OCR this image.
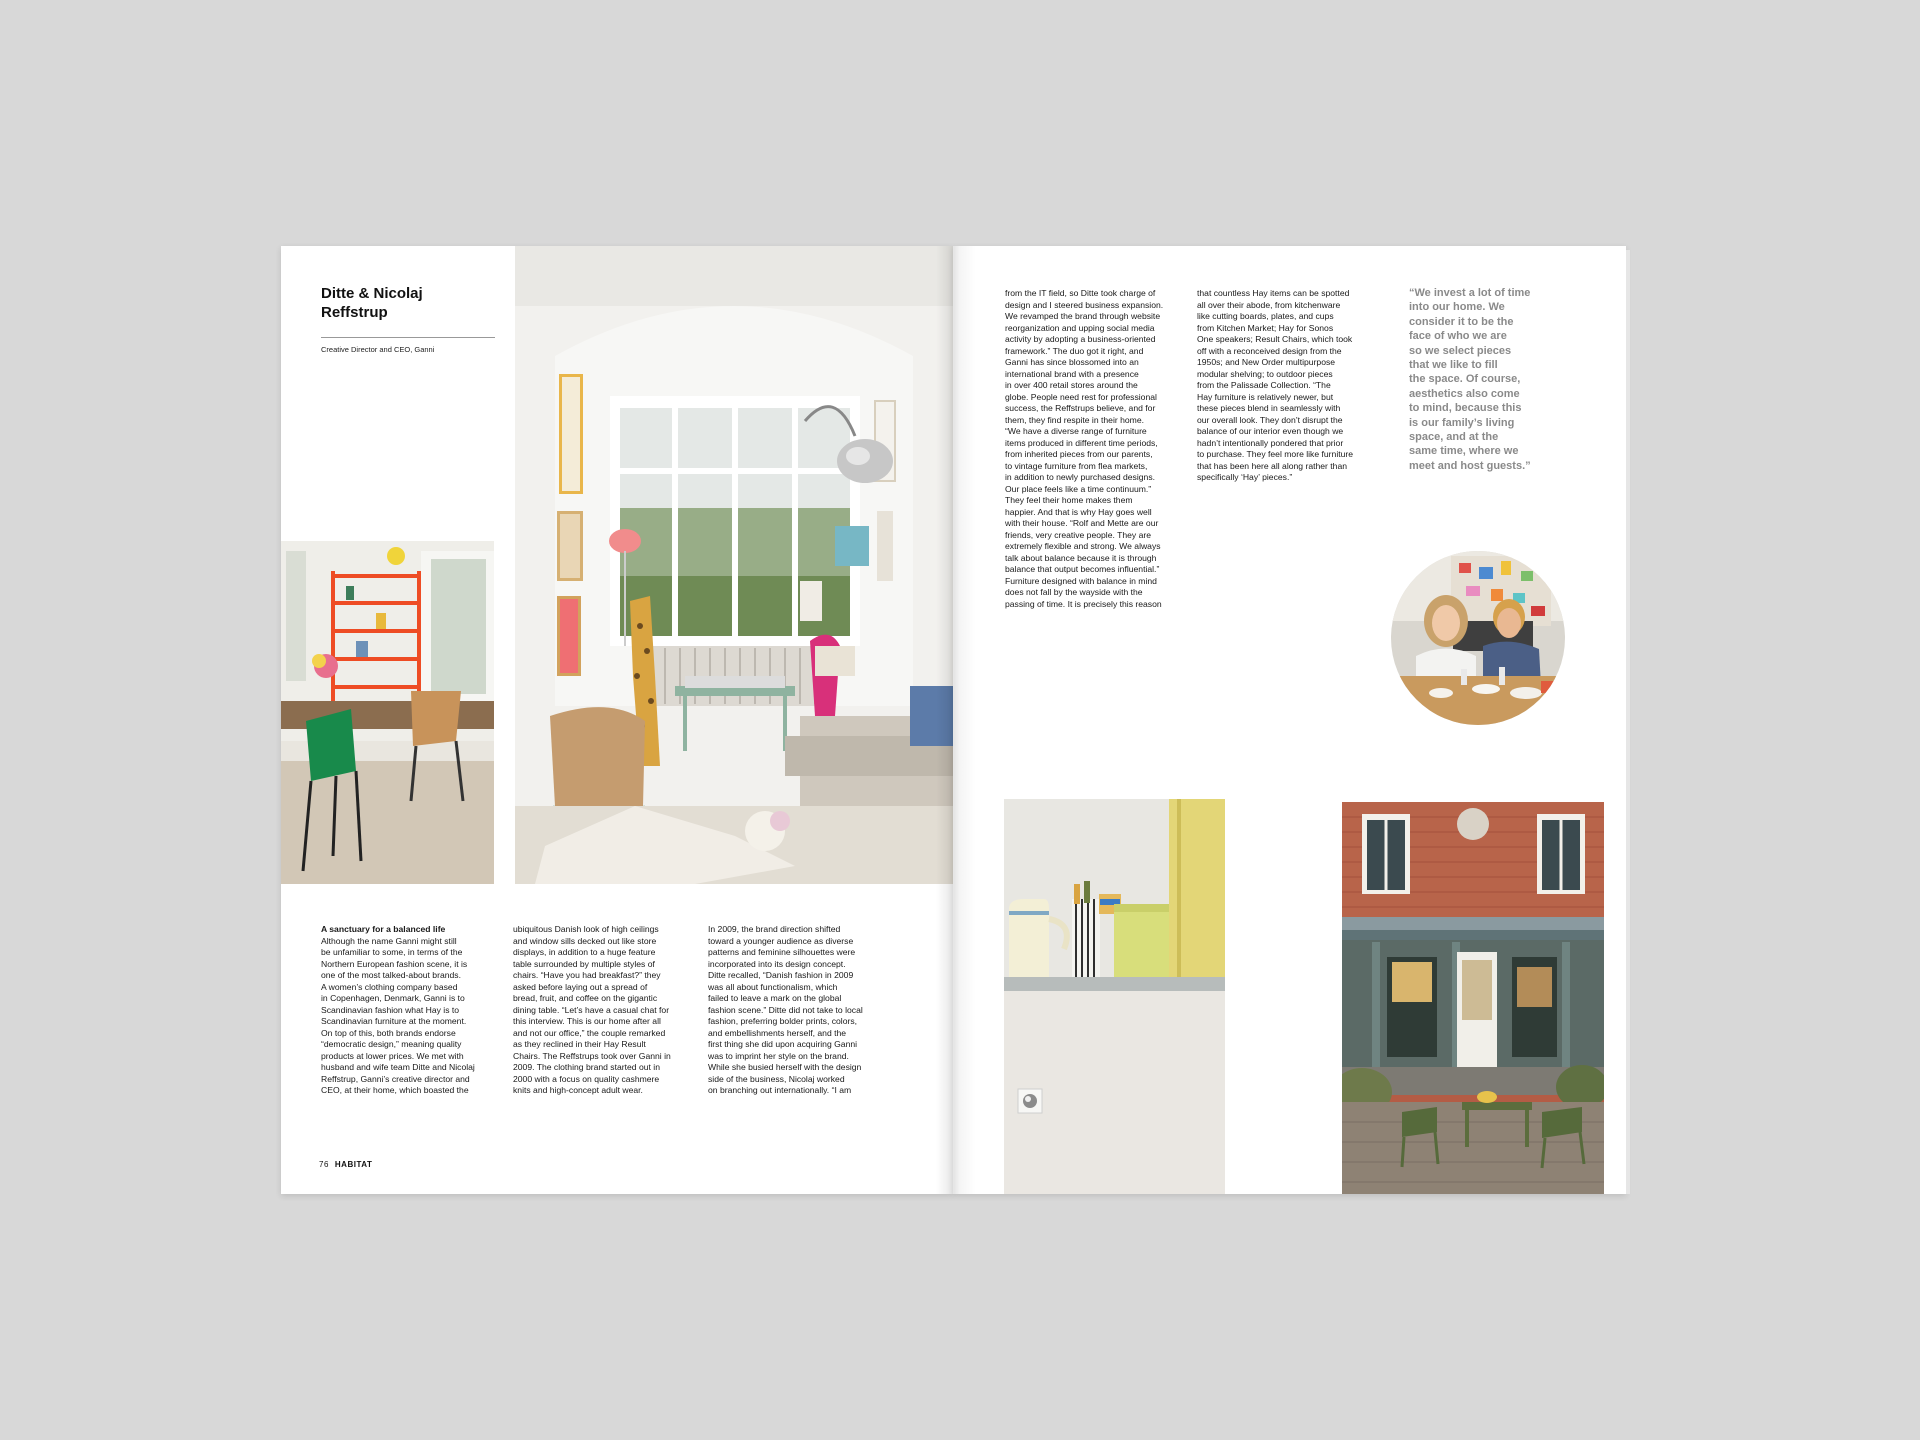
Ditte & Nicolaj
Reffstrup
Creative Director and CEO, Ganni
A sanctuary for a balanced life
Although the name Ganni might still
be unfamiliar to some, in terms of the
Northern European fashion scene, it is
one of the most talked-about brands.
A women’s clothing company based
in Copenhagen, Denmark, Ganni is to
Scandinavian fashion what Hay is to
Scandinavian furniture at the moment.
On top of this, both brands endorse
“democratic design,” meaning quality
products at lower prices. We met with
husband and wife team Ditte and Nicolaj
Reffstrup, Ganni’s creative director and
CEO, at their home, which boasted the
ubiquitous Danish look of high ceilings
and window sills decked out like store
displays, in addition to a huge feature
table surrounded by multiple styles of
chairs. “Have you had breakfast?” they
asked before laying out a spread of
bread, fruit, and coffee on the gigantic
dining table. “Let’s have a casual chat for
this interview. This is our home after all
and not our office,” the couple remarked
as they reclined in their Hay Result
Chairs. The Reffstrups took over Ganni in
2009. The clothing brand started out in
2000 with a focus on quality cashmere
knits and high-concept adult wear.
In 2009, the brand direction shifted
toward a younger audience as diverse
patterns and feminine silhouettes were
incorporated into its design concept.
Ditte recalled, “Danish fashion in 2009
was all about functionalism, which
failed to leave a mark on the global
fashion scene.” Ditte did not take to local
fashion, preferring bolder prints, colors,
and embellishments herself, and the
first thing she did upon acquiring Ganni
was to imprint her style on the brand.
While she busied herself with the design
side of the business, Nicolaj worked
on branching out internationally. “I am
76 HABITAT
from the IT field, so Ditte took charge of
design and I steered business expansion.
We revamped the brand through website
reorganization and upping social media
activity by adopting a business-oriented
framework.” The duo got it right, and
Ganni has since blossomed into an
international brand with a presence
in over 400 retail stores around the
globe. People need rest for professional
success, the Reffstrups believe, and for
them, they find respite in their home.
“We have a diverse range of furniture
items produced in different time periods,
from inherited pieces from our parents,
to vintage furniture from flea markets,
in addition to newly purchased designs.
Our place feels like a time continuum.”
They feel their home makes them
happier. And that is why Hay goes well
with their house. “Rolf and Mette are our
friends, very creative people. They are
extremely flexible and strong. We always
talk about balance because it is through
balance that output becomes influential.”
Furniture designed with balance in mind
does not fall by the wayside with the
passing of time. It is precisely this reason
that countless Hay items can be spotted
all over their abode, from kitchenware
like cutting boards, plates, and cups
from Kitchen Market; Hay for Sonos
One speakers; Result Chairs, which took
off with a reconceived design from the
1950s; and New Order multipurpose
modular shelving; to outdoor pieces
from the Palissade Collection. “The
Hay furniture is relatively newer, but
these pieces blend in seamlessly with
our overall look. They don’t disrupt the
balance of our interior even though we
hadn’t intentionally pondered that prior
to purchase. They feel more like furniture
that has been here all along rather than
specifically ‘Hay’ pieces.”
“We invest a lot of time
into our home. We
consider it to be the
face of who we are
so we select pieces
that we like to fill
the space. Of course,
aesthetics also come
to mind, because this
is our family’s living
space, and at the
same time, where we
meet and host guests.”
